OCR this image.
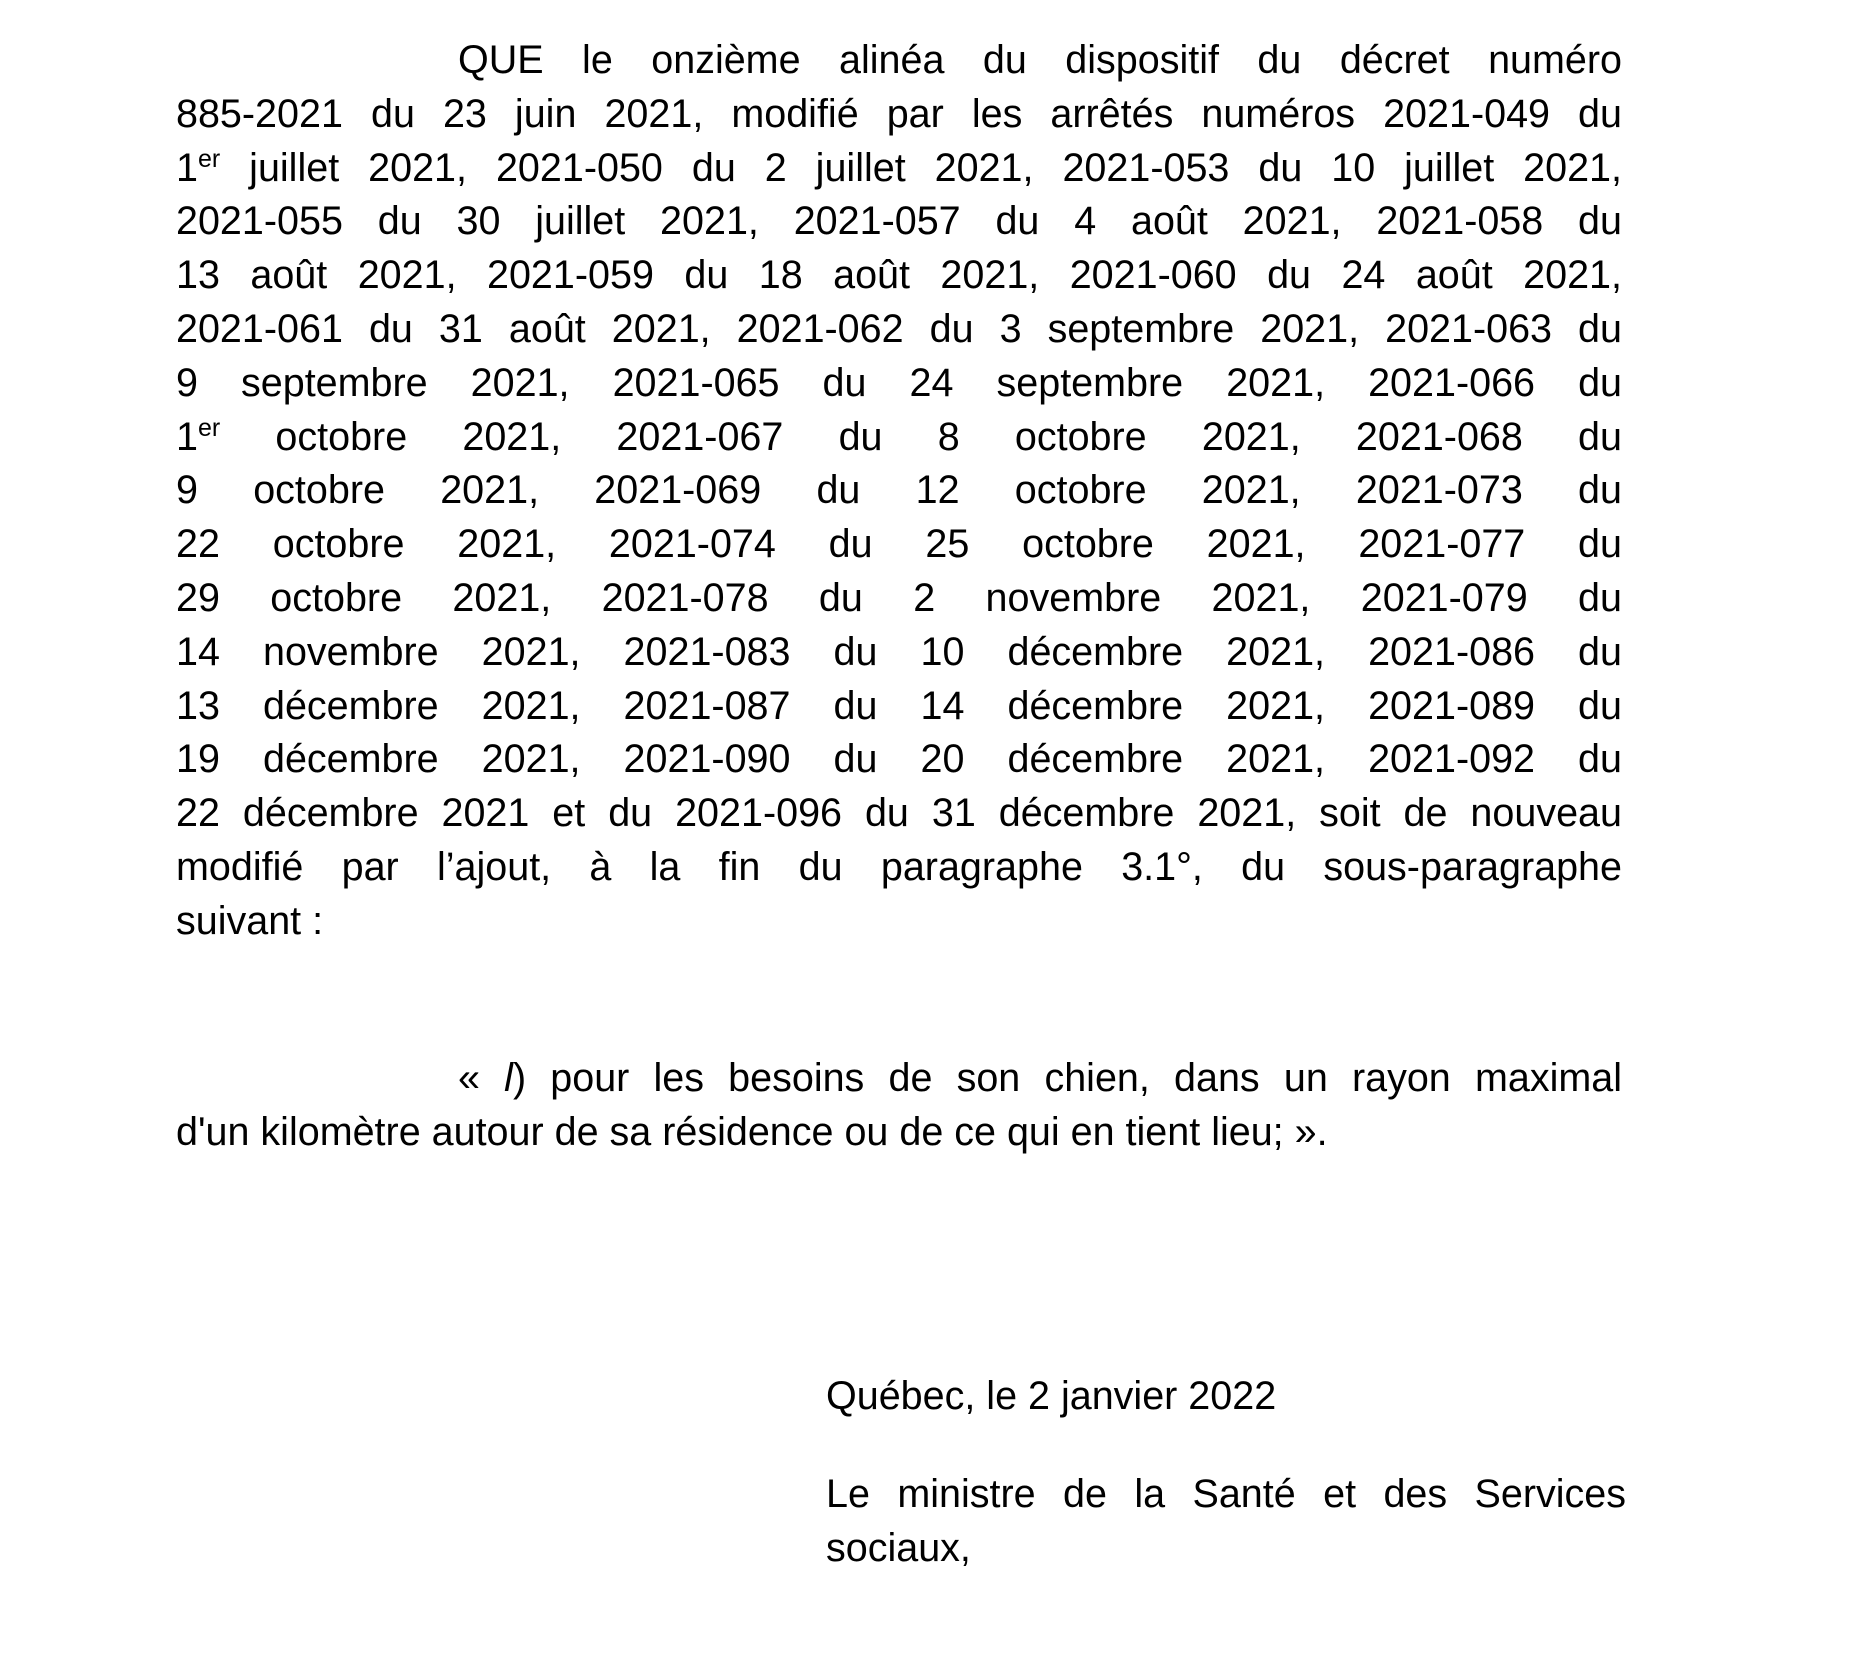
QUE le onzième alinéa du dispositif du décret numéro
885-2021 du 23 juin 2021, modifié par les arrêtés numéros 2021-049 du
1er juillet 2021, 2021-050 du 2 juillet 2021, 2021-053 du 10 juillet 2021,
2021-055 du 30 juillet 2021, 2021-057 du 4 août 2021, 2021-058 du
13 août 2021, 2021-059 du 18 août 2021, 2021-060 du 24 août 2021,
2021-061 du 31 août 2021, 2021-062 du 3 septembre 2021, 2021-063 du
9 septembre 2021, 2021-065 du 24 septembre 2021, 2021-066 du
1er octobre 2021, 2021-067 du 8 octobre 2021, 2021-068 du
9 octobre 2021, 2021-069 du 12 octobre 2021, 2021-073 du
22 octobre 2021, 2021-074 du 25 octobre 2021, 2021-077 du
29 octobre 2021, 2021-078 du 2 novembre 2021, 2021-079 du
14 novembre 2021, 2021-083 du 10 décembre 2021, 2021-086 du
13 décembre 2021, 2021-087 du 14 décembre 2021, 2021-089 du
19 décembre 2021, 2021-090 du 20 décembre 2021, 2021-092 du
22 décembre 2021 et du 2021-096 du 31 décembre 2021, soit de nouveau
modifié par l’ajout, à la fin du paragraphe 3.1°, du sous-paragraphe
suivant :

« l) pour les besoins de son chien, dans un rayon maximal
d'un kilomètre autour de sa résidence ou de ce qui en tient lieu; ».

Québec, le 2 janvier 2022

Le ministre de la Santé et des Services
sociaux,
